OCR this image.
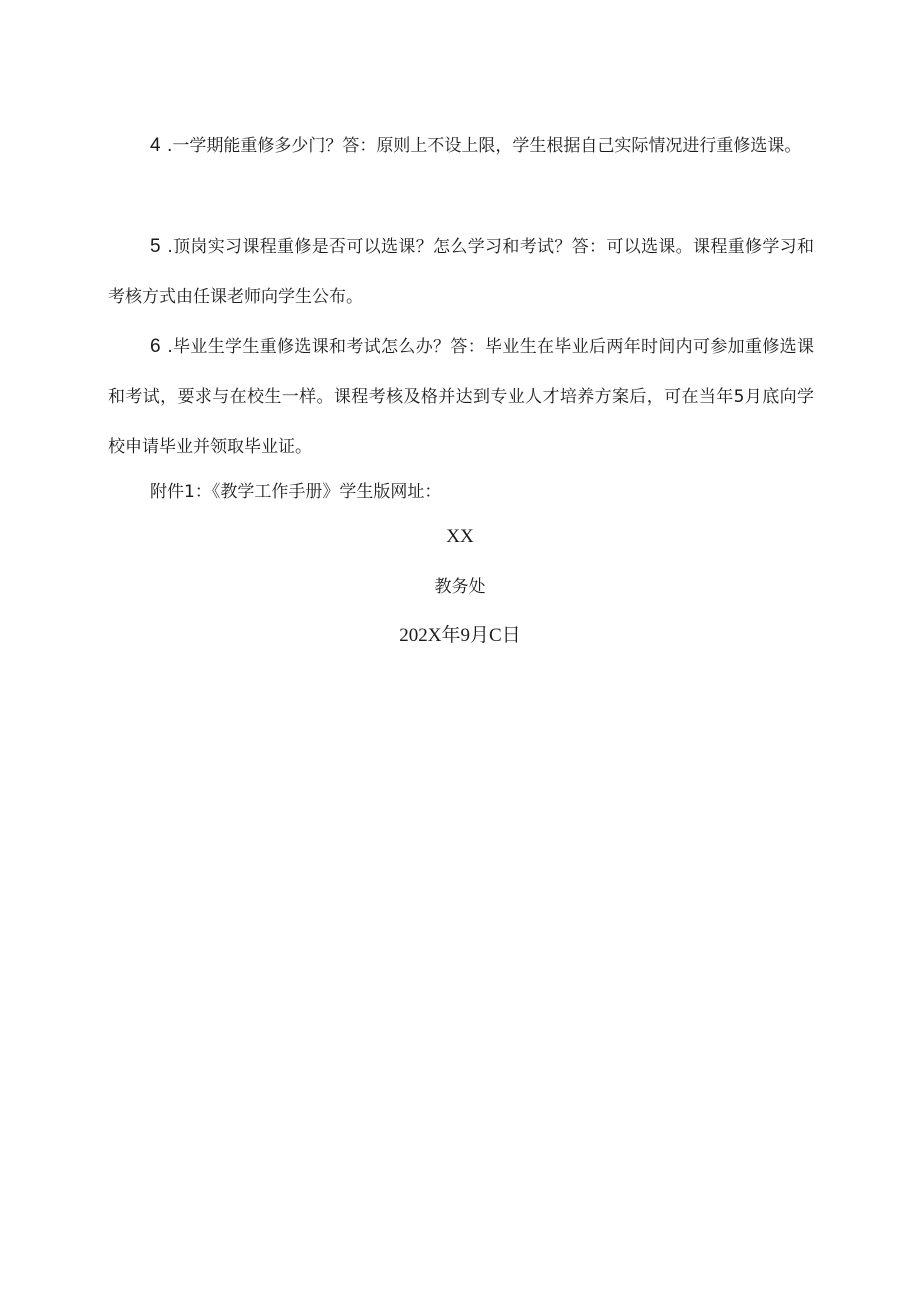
4 .一学期能重修多少门？答：原则上不设上限，学生根据自己实际情况进行重修选课。

5 .顶岗实习课程重修是否可以选课？怎么学习和考试？答：可以选课。课程重修学习和考核方式由任课老师向学生公布。

6 .毕业生学生重修选课和考试怎么办？答：毕业生在毕业后两年时间内可参加重修选课和考试，要求与在校生一样。课程考核及格并达到专业人才培养方案后，可在当年5月底向学校申请毕业并领取毕业证。

附件1：《教学工作手册》学生版网址：

XX

教务处

202X年9月C日
